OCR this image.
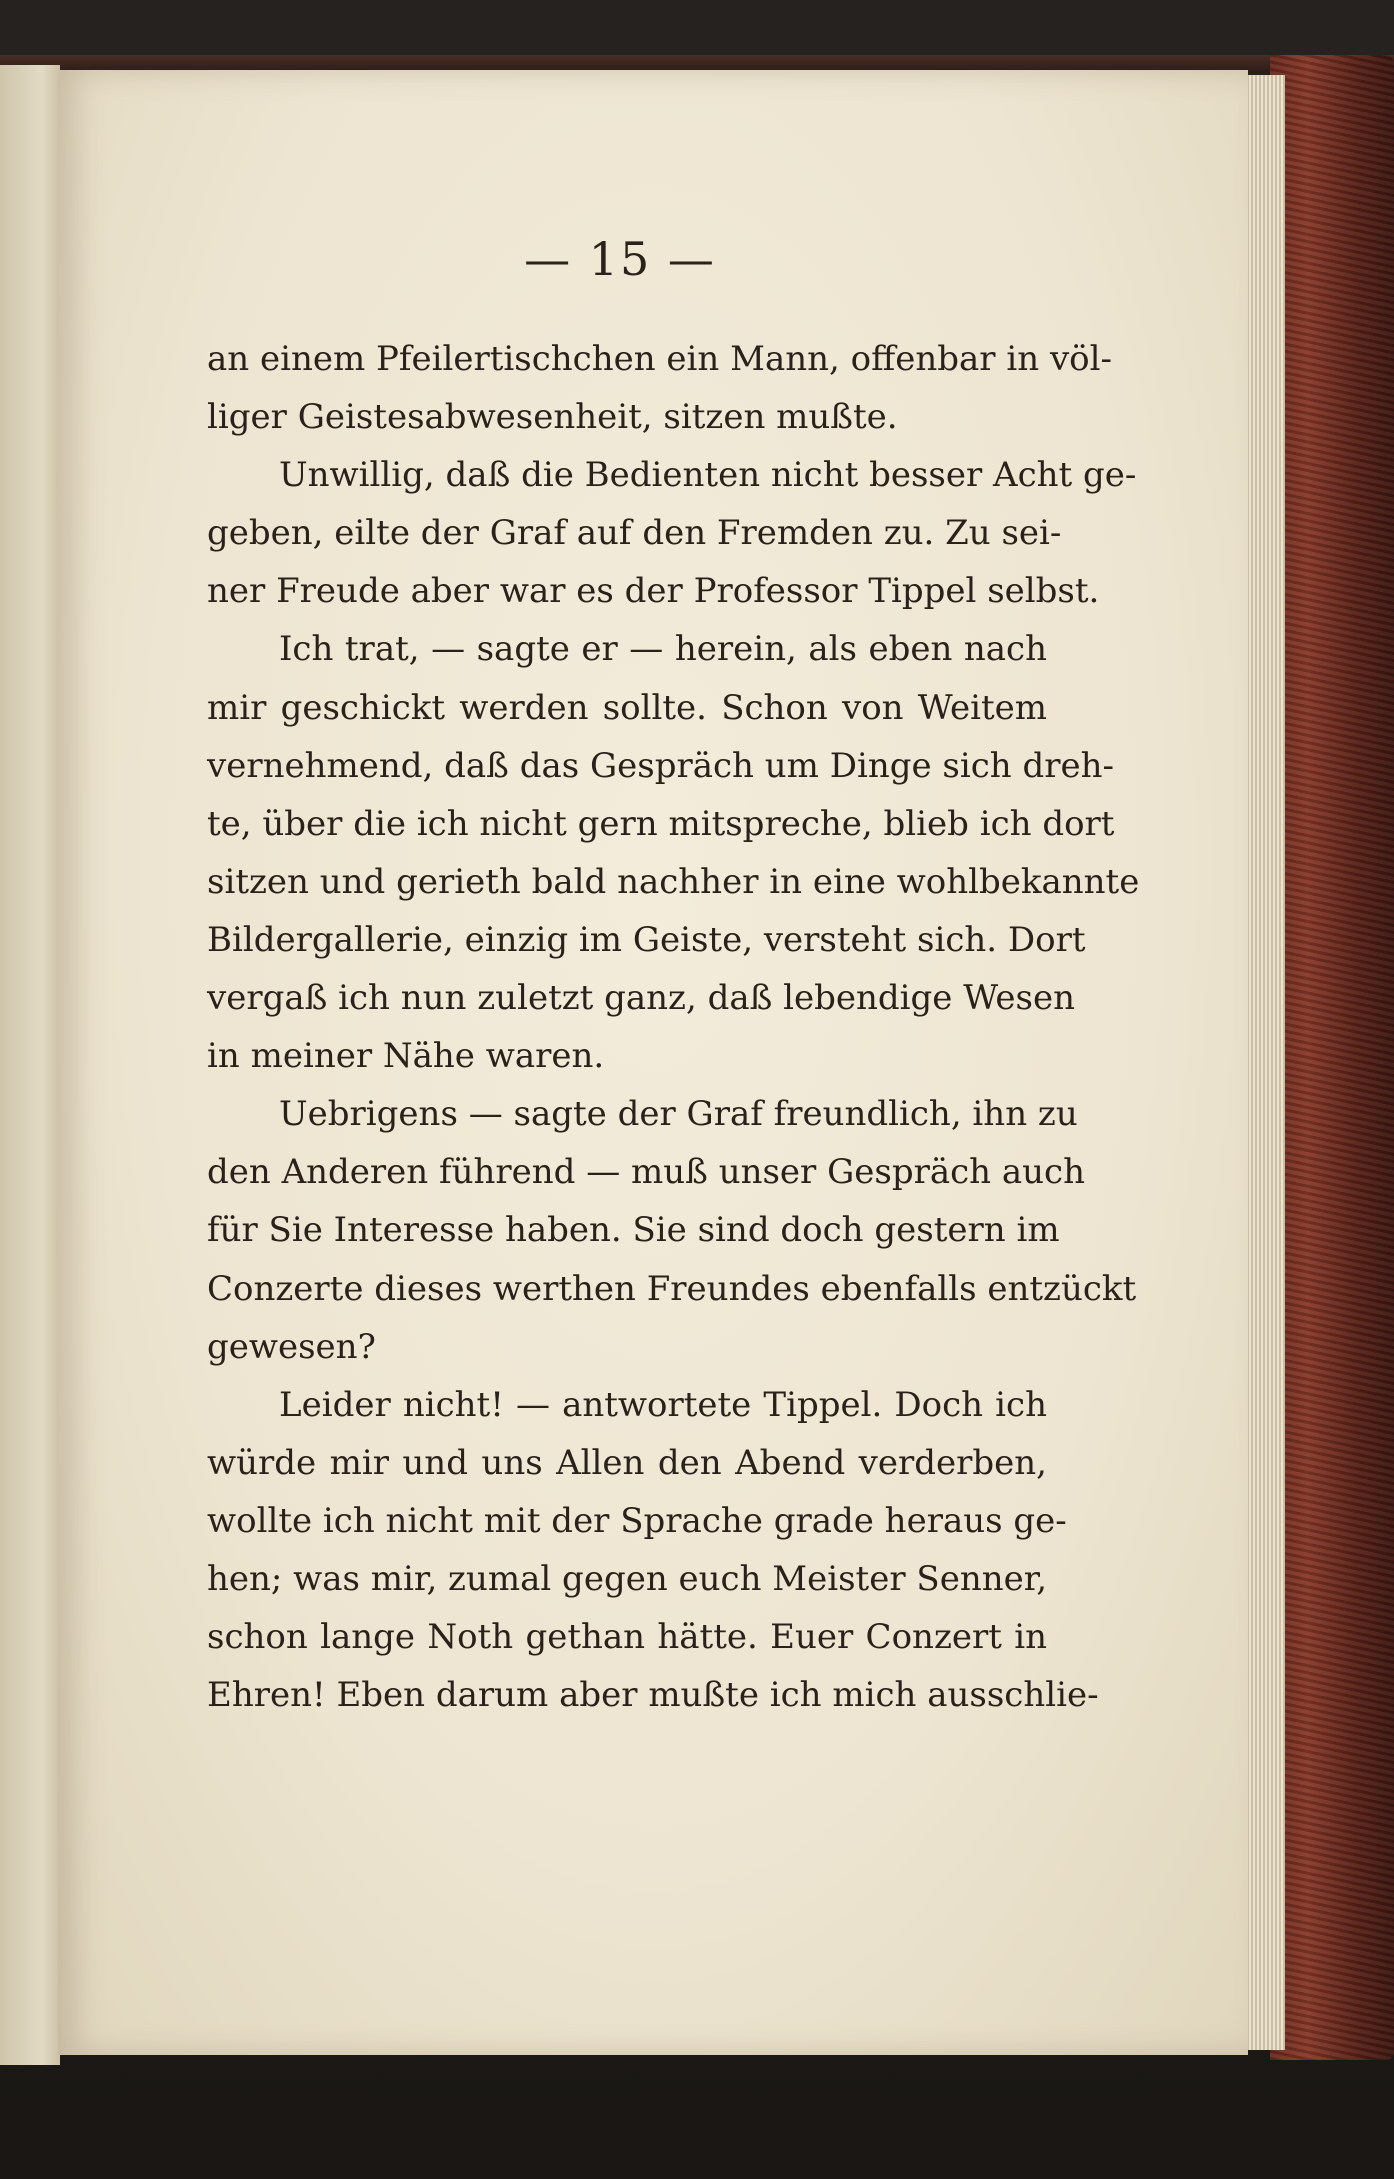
— 15 —
an einem Pfeilertischchen ein Mann, offenbar in völ-
liger Geistesabwesenheit, sitzen mußte.
Unwillig, daß die Bedienten nicht besser Acht ge-
geben, eilte der Graf auf den Fremden zu. Zu sei-
ner Freude aber war es der Professor Tippel selbst.
Ich trat, — sagte er — herein, als eben nach
mir geschickt werden sollte. Schon von Weitem
vernehmend, daß das Gespräch um Dinge sich dreh-
te, über die ich nicht gern mitspreche, blieb ich dort
sitzen und gerieth bald nachher in eine wohlbekannte
Bildergallerie, einzig im Geiste, versteht sich. Dort
vergaß ich nun zuletzt ganz, daß lebendige Wesen
in meiner Nähe waren.
Uebrigens — sagte der Graf freundlich, ihn zu
den Anderen führend — muß unser Gespräch auch
für Sie Interesse haben. Sie sind doch gestern im
Conzerte dieses werthen Freundes ebenfalls entzückt
gewesen?
Leider nicht! — antwortete Tippel. Doch ich
würde mir und uns Allen den Abend verderben,
wollte ich nicht mit der Sprache grade heraus ge-
hen; was mir, zumal gegen euch Meister Senner,
schon lange Noth gethan hätte. Euer Conzert in
Ehren! Eben darum aber mußte ich mich ausschlie-
